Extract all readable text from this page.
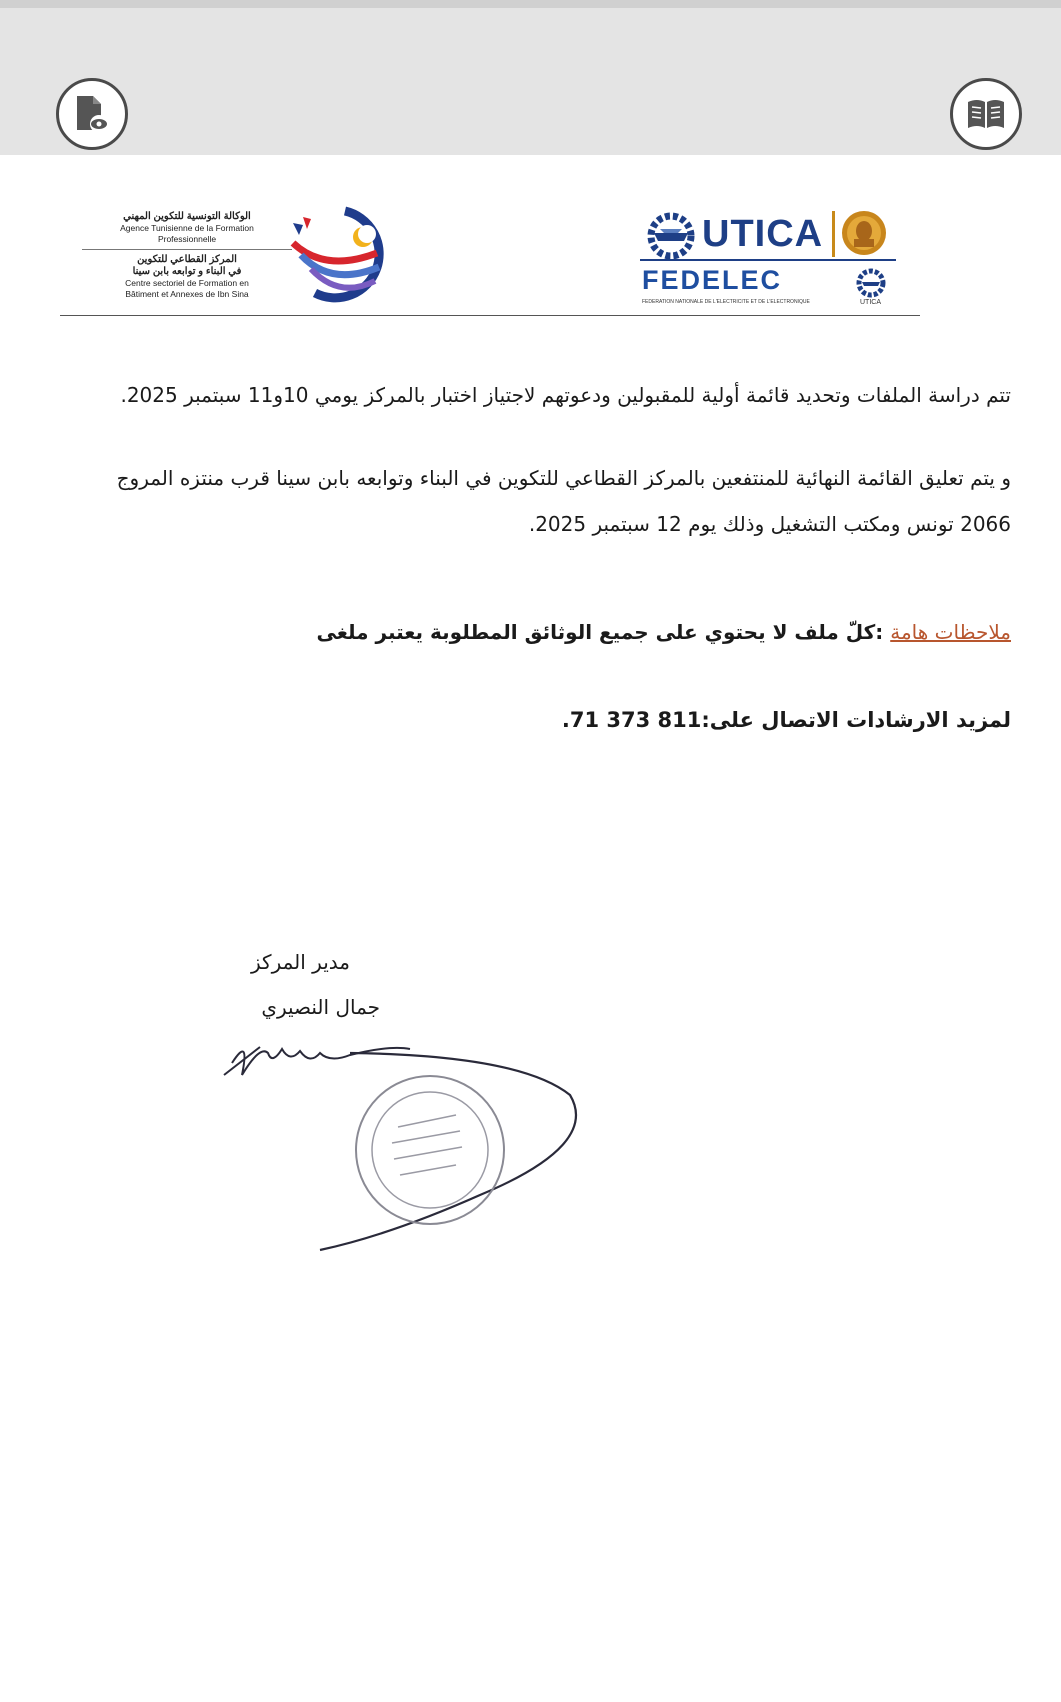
الوكالة التونسية للتكوين المهني
Agence Tunisienne de la Formation
Professionnelle
المركز القطاعي للتكوين
في البناء و توابعه بابن سينا
Centre sectoriel de Formation en
Bâtiment et Annexes de Ibn Sina
UTICA
FEDELEC
FEDERATION NATIONALE DE L'ELECTRICITE ET DE L'ELECTRONIQUE	UTICA
تتم دراسة الملفات وتحديد قائمة أولية للمقبولين ودعوتهم لاجتياز اختبار بالمركز يومي 10و11 سبتمبر 2025.
و يتم تعليق القائمة النهائية للمنتفعين بالمركز القطاعي للتكوين في البناء وتوابعه بابن سينا قرب منتزه المروج 2066 تونس ومكتب التشغيل وذلك يوم 12 سبتمبر 2025.
ملاحظات هامة :كلّ ملف لا يحتوي على جميع الوثائق المطلوبة يعتبر ملغى
لمزيد الارشادات الاتصال على:811 373 71.
مدير المركز
جمال النصيري
